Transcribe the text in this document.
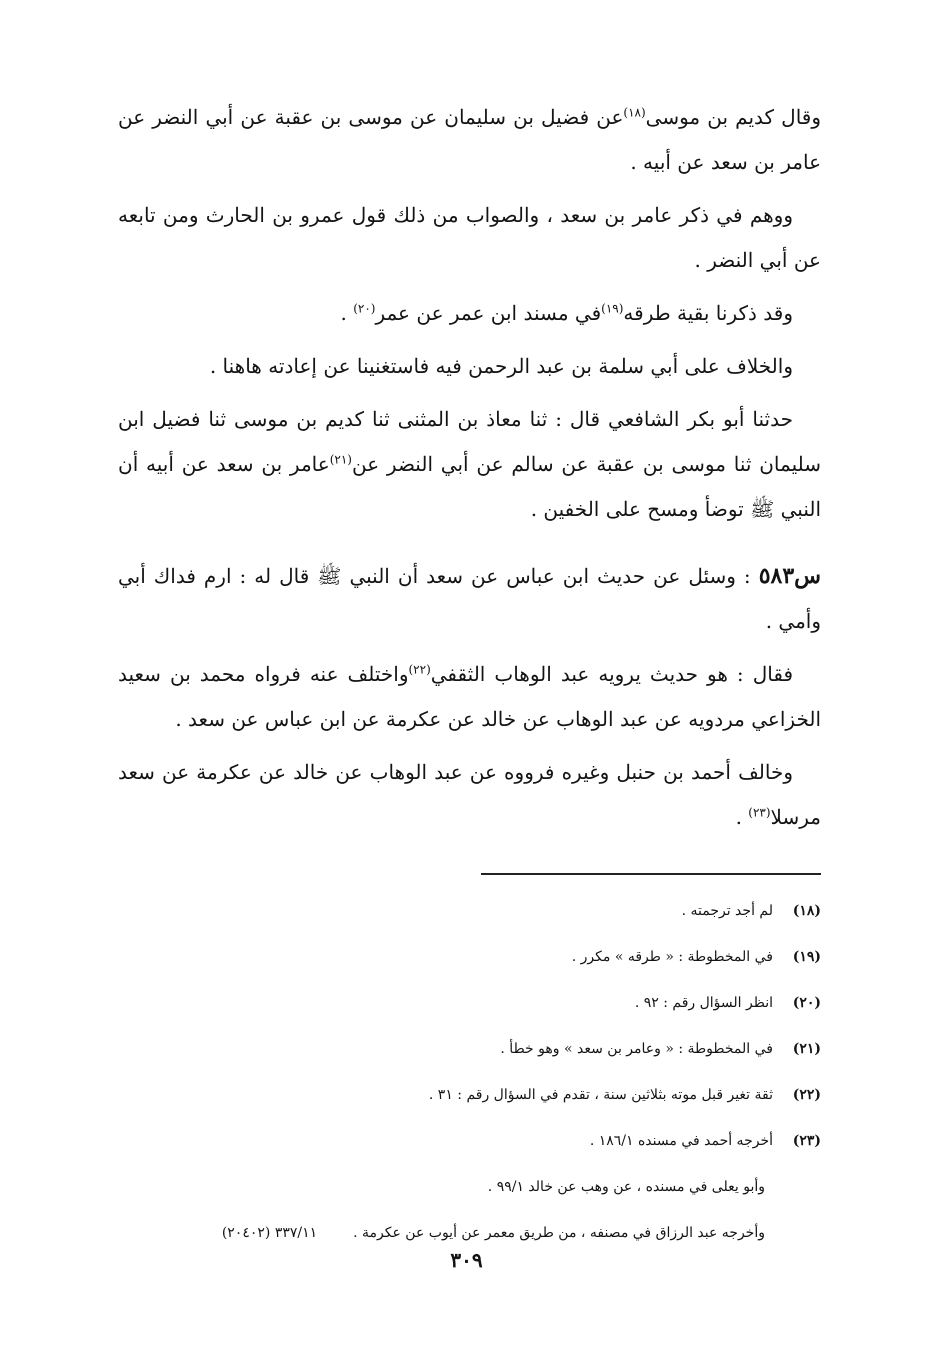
وقال كديم بن موسى$^{(١٨)}$عن فضيل بن سليمان عن موسى بن عقبة عن أبي النضر عن عامر بن سعد عن أبيه .

ووهم في ذكر عامر بن سعد ، والصواب من ذلك قول عمرو بن الحارث ومن تابعه عن أبي النضر .

وقد ذكرنا بقية طرقه$^{(١٩)}$في مسند ابن عمر عن عمر$^{(٢٠)}$ .

والخلاف على أبي سلمة بن عبد الرحمن فيه فاستغنينا عن إعادته هاهنا .

حدثنا أبو بكر الشافعي قال : ثنا معاذ بن المثنى ثنا كديم بن موسى ثنا فضيل ابن سليمان ثنا موسى بن عقبة عن سالم عن أبي النضر عن$^{(٢١)}$عامر بن سعد عن أبيه أن النبي ﷺ توضأ ومسح على الخفين .

س٥٨٣ : وسئل عن حديث ابن عباس عن سعد أن النبي ﷺ قال له : ارم فداك أبي وأمي .

فقال : هو حديث يرويه عبد الوهاب الثقفي$^{(٢٢)}$واختلف عنه فرواه محمد بن سعيد الخزاعي مردويه عن عبد الوهاب عن خالد عن عكرمة عن ابن عباس عن سعد .

وخالف أحمد بن حنبل وغيره فرووه عن عبد الوهاب عن خالد عن عكرمة عن سعد مرسلا$^{(٢٣)}$ .

(١٨)لم أجد ترجمته .
(١٩)في المخطوطة : « طرقه » مكرر .
(٢٠)انظر السؤال رقم : ٩٢ .
(٢١)في المخطوطة : « وعامر بن سعد » وهو خطأ .
(٢٢)ثقة تغير قبل موته بثلاثين سنة ، تقدم في السؤال رقم : ٣١ .
(٢٣)أخرجه أحمد في مسنده ١٨٦/١ .
وأبو يعلى في مسنده ، عن وهب عن خالد ٩٩/١ .
وأخرجه عبد الرزاق في مصنفه ، من طريق معمر عن أيوب عن عكرمة .٣٣٧/١١ (٢٠٤٠٢)
٣٠٩
